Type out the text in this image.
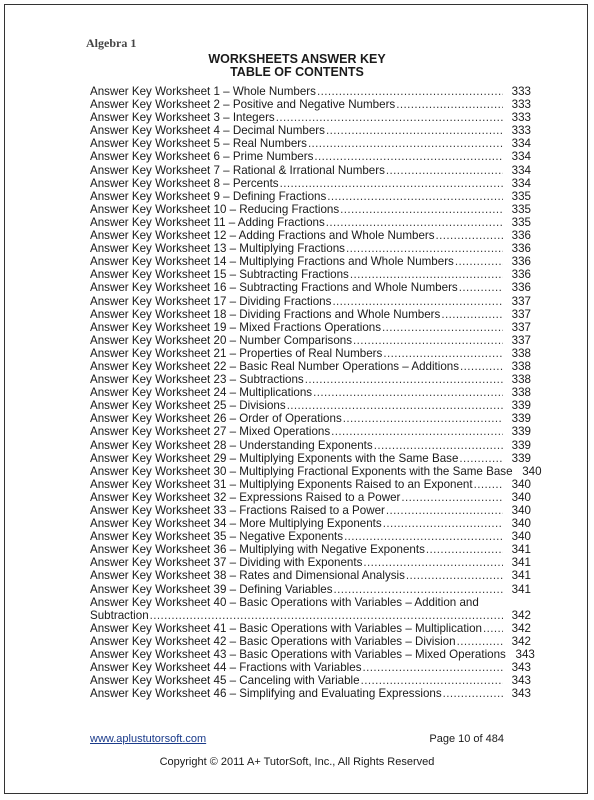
Algebra 1
WORKSHEETS ANSWER KEY
TABLE OF CONTENTS
Answer Key Worksheet 1 – Whole Numbers .....	333
Answer Key Worksheet 2 – Positive and Negative Numbers .....	333
Answer Key Worksheet 3 – Integers .....	333
Answer Key Worksheet 4 – Decimal Numbers .....	333
Answer Key Worksheet 5 – Real Numbers .....	334
Answer Key Worksheet 6 – Prime Numbers .....	334
Answer Key Worksheet 7 – Rational & Irrational Numbers .....	334
Answer Key Worksheet 8 – Percents .....	334
Answer Key Worksheet 9 – Defining Fractions .....	335
Answer Key Worksheet 10 – Reducing Fractions .....	335
Answer Key Worksheet 11 – Adding Fractions .....	335
Answer Key Worksheet 12 – Adding Fractions and Whole Numbers .....	336
Answer Key Worksheet 13 – Multiplying Fractions .....	336
Answer Key Worksheet 14 – Multiplying Fractions and Whole Numbers .....	336
Answer Key Worksheet 15 – Subtracting Fractions .....	336
Answer Key Worksheet 16 – Subtracting Fractions and Whole Numbers .....	336
Answer Key Worksheet 17 – Dividing Fractions .....	337
Answer Key Worksheet 18 – Dividing Fractions and Whole Numbers .....	337
Answer Key Worksheet 19 – Mixed Fractions Operations .....	337
Answer Key Worksheet 20 – Number Comparisons .....	337
Answer Key Worksheet 21 – Properties of Real Numbers .....	338
Answer Key Worksheet 22 – Basic Real Number Operations – Additions .....	338
Answer Key Worksheet 23 – Subtractions .....	338
Answer Key Worksheet 24 – Multiplications .....	338
Answer Key Worksheet 25 – Divisions .....	339
Answer Key Worksheet 26 – Order of Operations .....	339
Answer Key Worksheet 27 – Mixed Operations .....	339
Answer Key Worksheet 28 – Understanding Exponents .....	339
Answer Key Worksheet 29 – Multiplying Exponents with the Same Base .....	339
Answer Key Worksheet 30 – Multiplying Fractional Exponents with the Same Base 340
Answer Key Worksheet 31 – Multiplying Exponents Raised to an Exponent .....	340
Answer Key Worksheet 32 – Expressions Raised to a Power .....	340
Answer Key Worksheet 33 – Fractions Raised to a Power .....	340
Answer Key Worksheet 34 – More Multiplying Exponents .....	340
Answer Key Worksheet 35 – Negative Exponents .....	340
Answer Key Worksheet 36 – Multiplying with Negative Exponents .....	341
Answer Key Worksheet 37 – Dividing with Exponents .....	341
Answer Key Worksheet 38 – Rates and Dimensional Analysis .....	341
Answer Key Worksheet 39 – Defining Variables .....	341
Answer Key Worksheet 40 – Basic Operations with Variables – Addition and
Subtraction .....	342
Answer Key Worksheet 41 – Basic Operations with Variables – Multiplication .....	342
Answer Key Worksheet 42 – Basic Operations with Variables – Division .....	342
Answer Key Worksheet 43 – Basic Operations with Variables – Mixed Operations 343
Answer Key Worksheet 44 – Fractions with Variables .....	343
Answer Key Worksheet 45 – Canceling with Variable .....	343
Answer Key Worksheet 46 – Simplifying and Evaluating Expressions .....	343
www.aplustutorsoft.com	Page 10 of 484
Copyright © 2011 A+ TutorSoft, Inc., All Rights Reserved
